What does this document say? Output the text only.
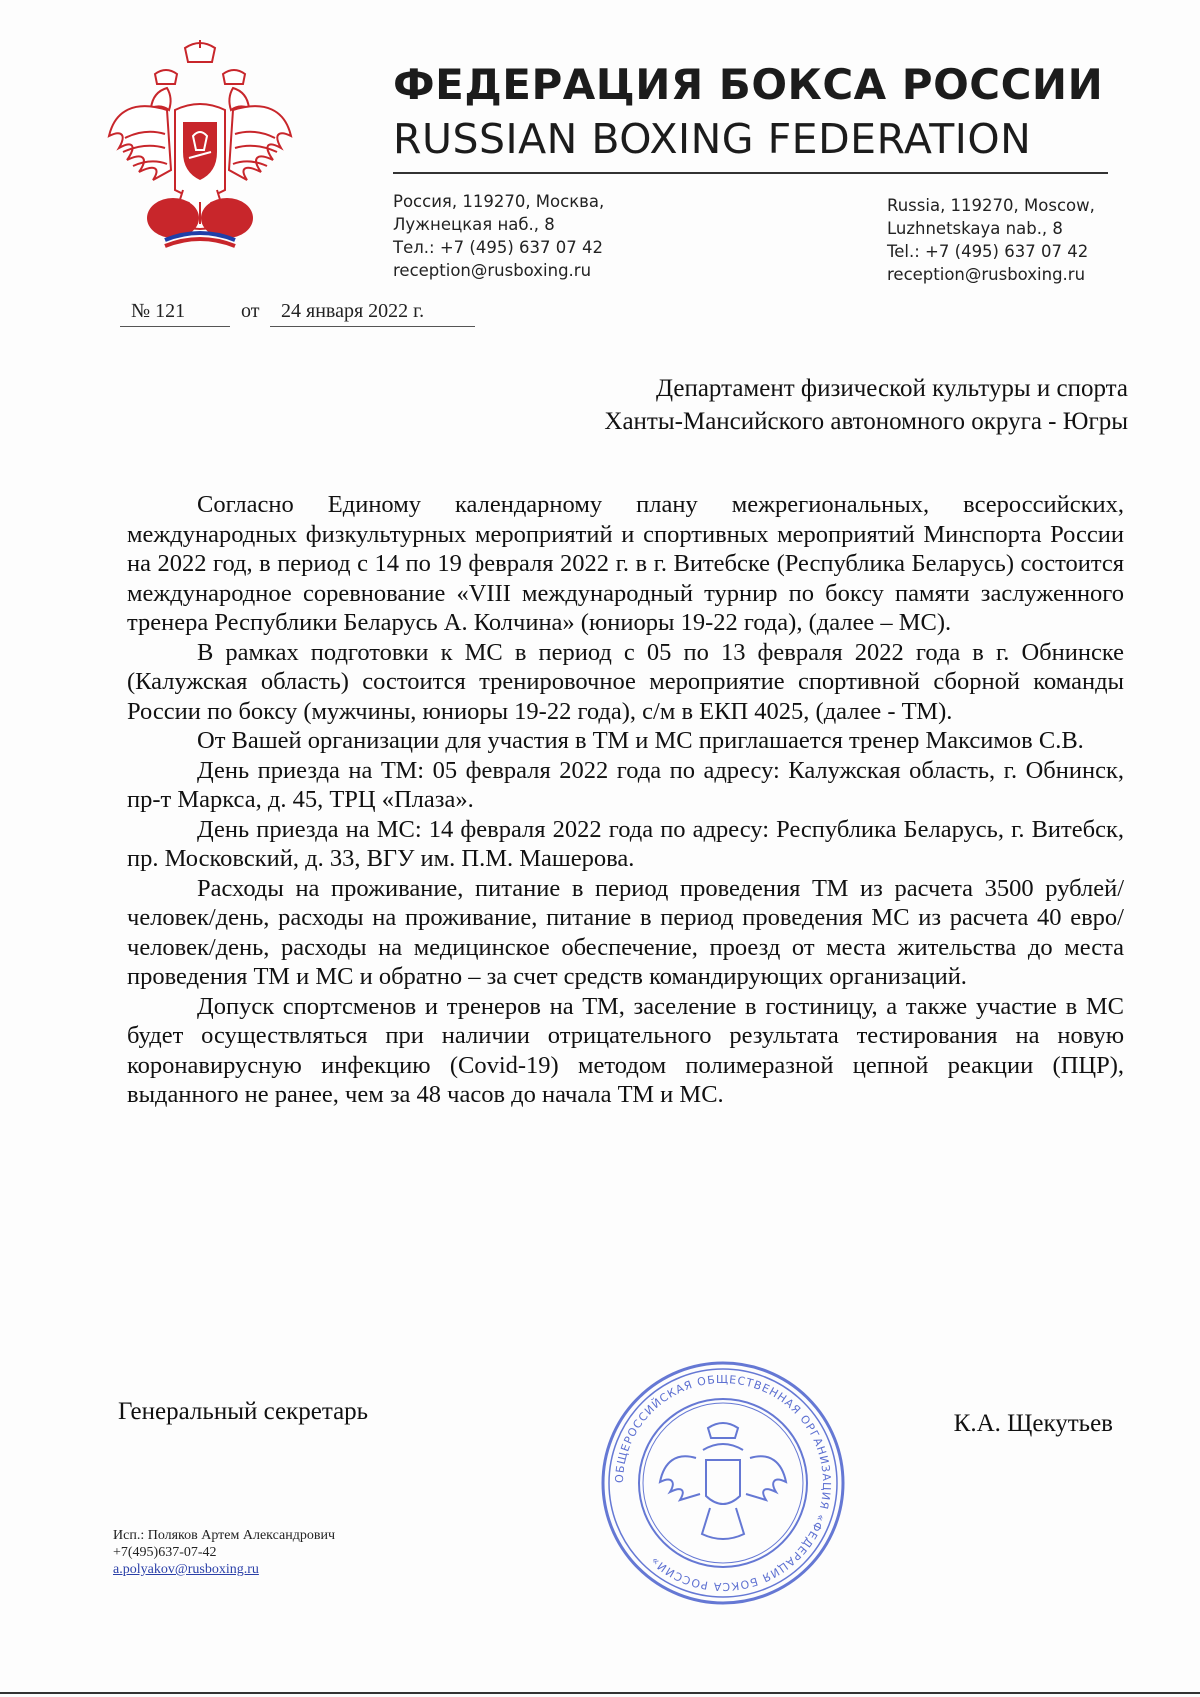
ФЕДЕРАЦИЯ БОКСА РОССИИ
RUSSIAN BOXING FEDERATION
Россия, 119270, Москва,
Лужнецкая наб., 8
Тел.: +7 (495) 637 07 42
reception@rusboxing.ru
Russia, 119270, Moscow,
Luzhnetskaya nab., 8
Tel.: +7 (495) 637 07 42
reception@rusboxing.ru
№ 121	от 24 января 2022 г.
Департамент физической культуры и спорта
Ханты-Мансийского автономного округа - Югры

Согласно Единому календарному плану межрегиональных, всероссийских, международных физкультурных мероприятий и спортивных мероприятий Минспорта России на 2022 год, в период с 14 по 19 февраля 2022 г. в г. Витебске (Республика Беларусь) состоится международное соревнование «VIII международный турнир по боксу памяти заслуженного тренера Республики Беларусь А. Колчина» (юниоры 19-22 года), (далее – МС).

В рамках подготовки к МС в период с 05 по 13 февраля 2022 года в г. Обнинске (Калужская область) состоится тренировочное мероприятие спортивной сборной команды России по боксу (мужчины, юниоры 19-22 года), с/м в ЕКП 4025, (далее - ТМ).

От Вашей организации для участия в ТМ и МС приглашается тренер Максимов С.В.

День приезда на ТМ: 05 февраля 2022 года по адресу: Калужская область, г. Обнинск, пр-т Маркса, д. 45, ТРЦ «Плаза».

День приезда на МС: 14 февраля 2022 года по адресу: Республика Беларусь, г. Витебск, пр. Московский, д. 33, ВГУ им. П.М. Машерова.

Расходы на проживание, питание в период проведения ТМ из расчета 3500 рублей/человек/день, расходы на проживание, питание в период проведения МС из расчета 40 евро/человек/день, расходы на медицинское обеспечение, проезд от места жительства до места проведения ТМ и МС и обратно – за счет средств командирующих организаций.

Допуск спортсменов и тренеров на ТМ, заселение в гостиницу, а также участие в МС будет осуществляться при наличии отрицательного результата тестирования на новую коронавирусную инфекцию (Covid-19) методом полимеразной цепной реакции (ПЦР), выданного не ранее, чем за 48 часов до начала ТМ и МС.

Генеральный секретарь	К.А. Щекутьев
ОБЩЕРОССИЙСКАЯ ОБЩЕСТВЕННАЯ ОРГАНИЗАЦИЯ «ФЕДЕРАЦИЯ БОКСА РОССИИ»
Исп.: Поляков Артем Александрович
+7(495)637-07-42
a.polyakov@rusboxing.ru
